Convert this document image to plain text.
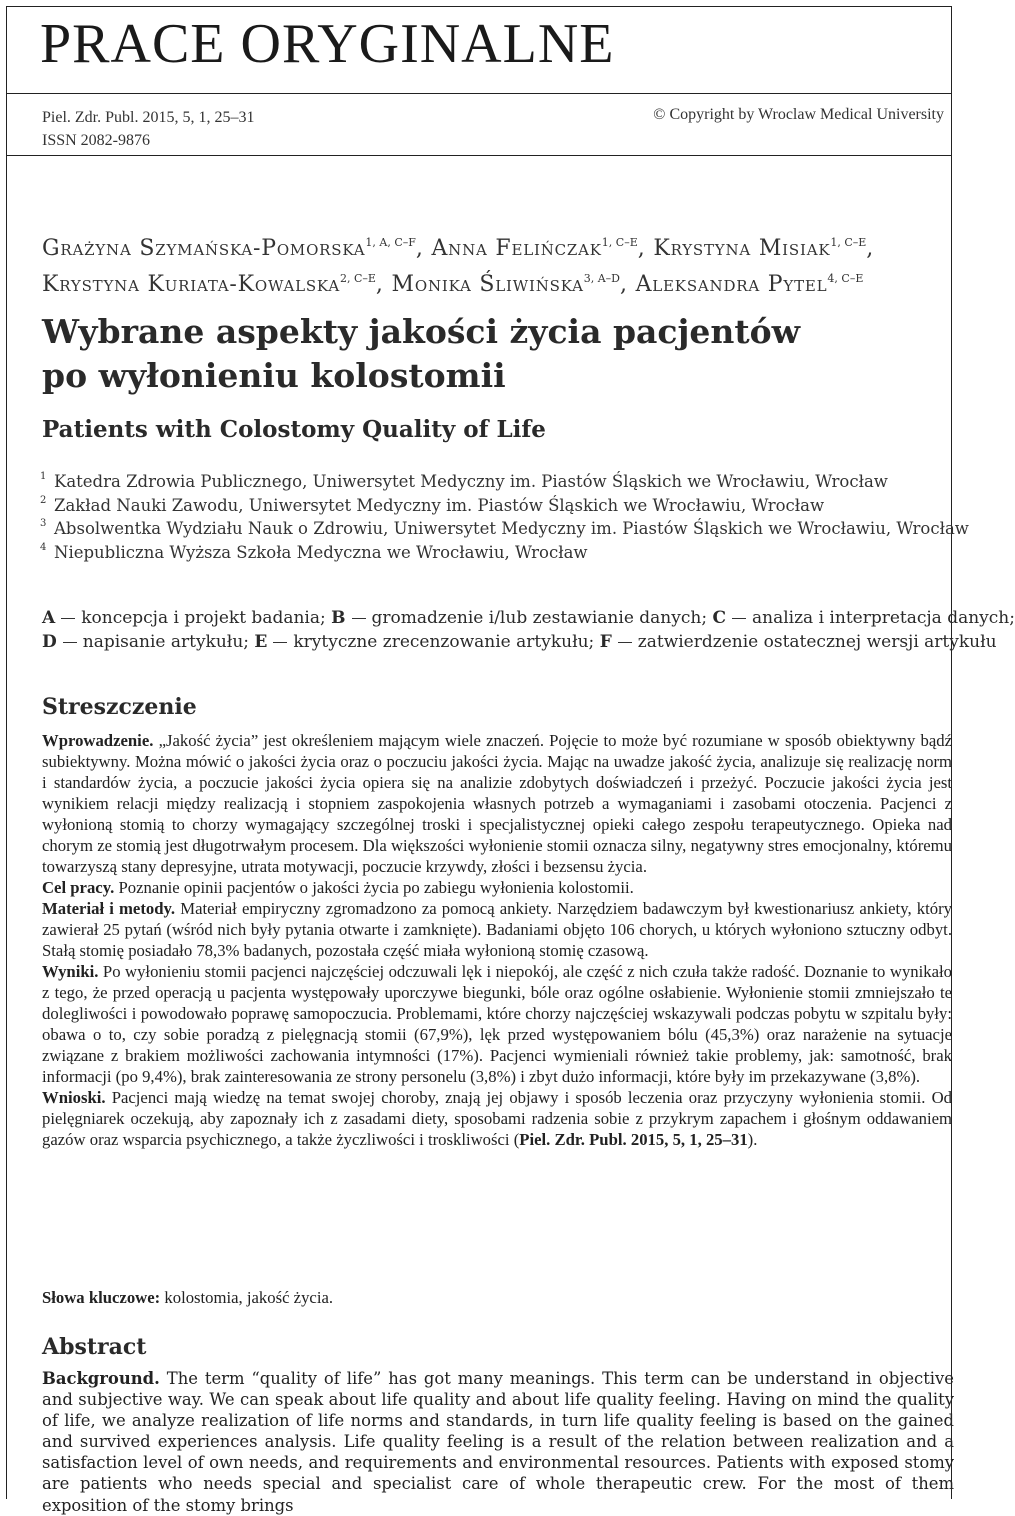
PRACE ORYGINALNE
Piel. Zdr. Publ. 2015, 5, 1, 25–31
ISSN 2082-9876
© Copyright by Wroclaw Medical University
Grażyna Szymańska-Pomorska$^{1, A, C-F}$, Anna Felińczak$^{1, C-E}$, Krystyna Misiak$^{1, C-E}$,
Krystyna Kuriata-Kowalska$^{2, C-E}$, Monika Śliwińska$^{3, A-D}$, Aleksandra Pytel$^{4, C-E}$
Wybrane aspekty jakości życia pacjentów
po wyłonieniu kolostomii
Patients with Colostomy Quality of Life
1 Katedra Zdrowia Publicznego, Uniwersytet Medyczny im. Piastów Śląskich we Wrocławiu, Wrocław
2 Zakład Nauki Zawodu, Uniwersytet Medyczny im. Piastów Śląskich we Wrocławiu, Wrocław
3 Absolwentka Wydziału Nauk o Zdrowiu, Uniwersytet Medyczny im. Piastów Śląskich we Wrocławiu, Wrocław
4 Niepubliczna Wyższa Szkoła Medyczna we Wrocławiu, Wrocław
A koncepcja i projekt badania; B gromadzenie i/lub zestawianie danych; C analiza i interpretacja danych;
D napisanie artykułu; E krytyczne zrecenzowanie artykułu; F zatwierdzenie ostatecznej wersji artykułu
Streszczenie

Wprowadzenie. „Jakość życia” jest określeniem mającym wiele znaczeń. Pojęcie to może być rozumiane w sposób obiektywny bądź subiektywny. Można mówić o jakości życia oraz o poczuciu jakości życia. Mając na uwadze jakość życia, analizuje się realizację norm i standardów życia, a poczucie jakości życia opiera się na analizie zdobytych doświadczeń i przeżyć. Poczucie jakości życia jest wynikiem relacji między realizacją i stopniem zaspokojenia własnych potrzeb a wymaganiami i zasobami otoczenia. Pacjenci z wyłonioną stomią to chorzy wymagający szczególnej troski i specjalistycznej opieki całego zespołu terapeutycznego. Opieka nad chorym ze stomią jest długotrwałym procesem. Dla większości wyłonienie stomii oznacza silny, negatywny stres emocjonalny, któremu towarzyszą stany depresyjne, utrata motywacji, poczucie krzywdy, złości i bezsensu życia.

Cel pracy. Poznanie opinii pacjentów o jakości życia po zabiegu wyłonienia kolostomii.

Materiał i metody. Materiał empiryczny zgromadzono za pomocą ankiety. Narzędziem badawczym był kwestionariusz ankiety, który zawierał 25 pytań (wśród nich były pytania otwarte i zamknięte). Badaniami objęto 106 chorych, u których wyłoniono sztuczny odbyt. Stałą stomię posiadało 78,3% badanych, pozostała część miała wyłonioną stomię czasową.

Wyniki. Po wyłonieniu stomii pacjenci najczęściej odczuwali lęk i niepokój, ale część z nich czuła także radość. Doznanie to wynikało z tego, że przed operacją u pacjenta występowały uporczywe biegunki, bóle oraz ogólne osłabienie. Wyłonienie stomii zmniejszało te dolegliwości i powodowało poprawę samopoczucia. Problemami, które chorzy najczęściej wskazywali podczas pobytu w szpitalu były: obawa o to, czy sobie poradzą z pielęgnacją stomii (67,9%), lęk przed występowaniem bólu (45,3%) oraz narażenie na sytuacje związane z brakiem możliwości zachowania intymności (17%). Pacjenci wymieniali również takie problemy, jak: samotność, brak informacji (po 9,4%), brak zainteresowania ze strony personelu (3,8%) i zbyt dużo informacji, które były im przekazywane (3,8%).

Wnioski. Pacjenci mają wiedzę na temat swojej choroby, znają jej objawy i sposób leczenia oraz przyczyny wyłonienia stomii. Od pielęgniarek oczekują, aby zapoznały ich z zasadami diety, sposobami radzenia sobie z przykrym zapachem i głośnym oddawaniem gazów oraz wsparcia psychicznego, a także życzliwości i troskliwości (Piel. Zdr. Publ. 2015, 5, 1, 25–31).

Słowa kluczowe: kolostomia, jakość życia.
Abstract
Background. The term “quality of life” has got many meanings. This term can be understand in objective and subjective way. We can speak about life quality and about life quality feeling. Having on mind the quality of life, we analyze realization of life norms and standards, in turn life quality feeling is based on the gained and survived experiences analysis. Life quality feeling is a result of the relation between realization and a satisfaction level of own needs, and requirements and environmental resources. Patients with exposed stomy are patients who needs special and specialist care of whole therapeutic crew. For the most of them exposition of the stomy brings
